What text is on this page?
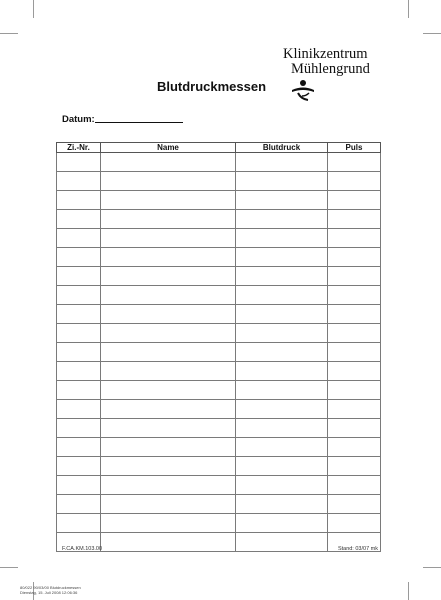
Klinikzentrum
Mühlengrund
Blutdruckmessen
Datum:
Zi.-Nr.	Name	Blutdruck	Puls

F.CA.KM.103.00	Stand: 03/07 mk
80/022 90/03/00 Blutdruckmessen
Dienstag, 15. Juli 2008 12:06:36
